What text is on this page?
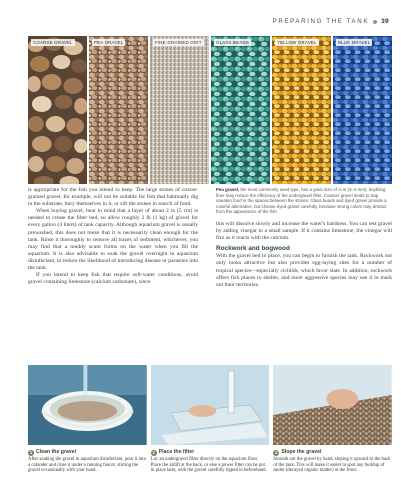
PREPARING THE TANK 39
COARSE GRAVEL	PEA GRAVEL	FINE-GRAINED GRIT	GLASS BEADS	YELLOW GRAVEL	BLUE GRAVEL

is appropriate for the fish you intend to keep. The large stones of coarse-grained gravel, for example, will not be suitable for fish that habitually dig in the substrate, bury themselves in it, or sift the stones in search of food.

When buying gravel, bear in mind that a layer of about 2 in (5 cm) is needed to create the filter bed, so allow roughly 2 lb (1 kg) of gravel for every gallon (4 liters) of tank capacity. Although aquarium gravel is usually prewashed, this does not mean that it is necessarily clean enough for the tank. Rinse it thoroughly to remove all traces of sediment, whichever, you may find that a muddy scum forms on the water when you fill the aquarium. It is also advisable to soak the gravel overnight in aquarium disinfectant, to reduce the likelihood of introducing disease or parasites into the tank.

If you intend to keep fish that require soft-water conditions, avoid gravel containing limestone (calcium carbonate), since

Pea gravel, the most commonly used type, has a grain size of ⅛ in (3–4 mm); anything finer may reduce the efficiency of the undergravel filter. Coarser gravel tends to trap uneaten food in the spaces between the stones. Glass beads and dyed gravel provide a colorful alternative, but choose dyed gravel carefully, because strong colors may detract from the appearance of the fish.

this will dissolve slowly and increase the water's hardness. You can test gravel by adding vinegar to a small sample. If it contains limestone, the vinegar will fizz as it reacts with the calcium.

Rockwork and bogwood

With the gravel bed in place, you can begin to furnish the tank. Rockwork not only looks attractive but also provides egg-laying sites for a number of tropical species—especially cichlids, which favor slate. In addition, rockwork offers fish places to shelter, and more aggressive species may use it to mark out their territories.

1 Clean the gravel
After soaking the gravel in aquarium disinfectant, pour it into a colander and rinse it under a running faucet, stirring the gravel occasionally with your hand.
2 Place the filter
Lay an undergravel filter directly on the aquarium floor. Place the airlift at the back, or else a power filter can be put in place later, with the gravel carefully tipped in beforehand.
3 Slope the gravel
Smooth out the gravel by hand, sloping it upward to the back of the tank. This will make it easier to spot any buildup of mulm (decayed organic matter) at the front.
